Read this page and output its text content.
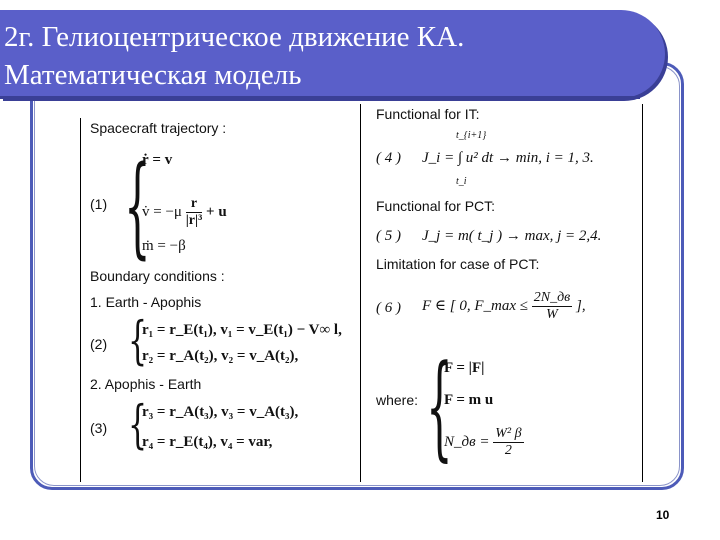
2г. Гелиоцентрическое движение КА.
Математическая модель
Spacecraft trajectory :
(1) {
ṙ = v
v̇ = $-\mu \frac{r}{\text{|r|³}} + u$
ṁ = −β
Boundary conditions :
1. Earth - Apophis
(2) {
r₁ = r_E(t₁), v₁ = v_E(t₁) − V∞ l,
r₂ = r_A(t₂), v₂ = v_A(t₂),
2. Apophis - Earth
(3) {
r₃ = r_A(t₃), v₃ = v_A(t₃),
r₄ = r_E(t₄), v₄ = var,
Functional for IT:
( 4 )
t_{i+1}
t_i
J_i = ∫ u² dt → min, i = 1, 3.
Functional for PCT:
( 5 ) J_j = m( t_j ) → max, j = 2,4.
Limitation for case of PCT:
( 6 ) F ∈ [ 0, F_max ≤ $\frac{2N\_дв}{W}$ ],
where: {
F = |F|
F = m u
N_дв = $\frac{\text{W² β}}{2}$
10
